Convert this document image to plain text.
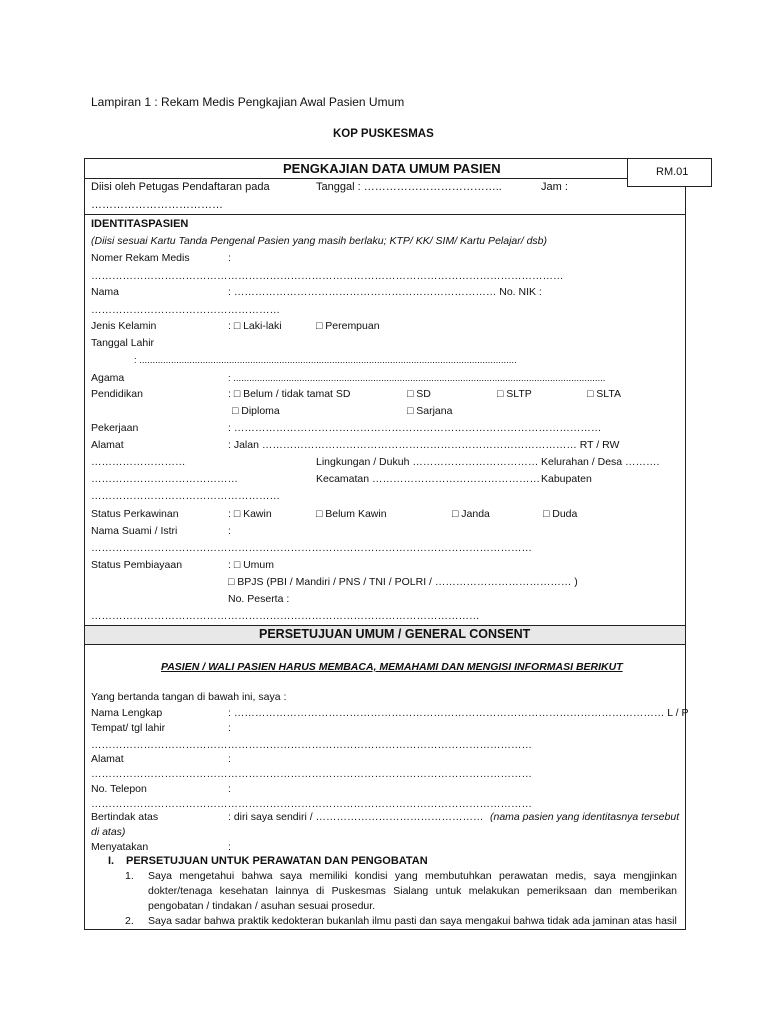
Lampiran 1 : Rekam Medis Pengkajian Awal Pasien Umum
KOP PUSKESMAS
RM.01
PENGKAJIAN DATA UMUM PASIEN
Diisi oleh Petugas Pendaftaran pada	Tanggal : ………………………………..	Jam :
………………………………
IDENTITASPASIEN
(Diisi sesuai Kartu Tanda Pengenal Pasien yang masih berlaku; KTP/ KK/ SIM/ Kartu Pelajar/ dsb)
Nomer Rekam Medis	:
………………………………………………………………………………………………………………………
Nama	: ………………………………………………………………… No. NIK :
………………………………………………
Jenis Kelamin	: □ Laki-laki	□ Perempuan
Tanggal Lahir
: ...............................................................................................................................................
Agama	: .............................................................................................................................................
Pendidikan	: □ Belum / tidak tamat SD	□ SD	□ SLTP	□ SLTA
□ Diploma	□ Sarjana
Pekerjaan	: ……………………………………………………………………………………………
Alamat	: Jalan ……………………………………………………………………………… RT / RW
………………………	Lingkungan / Dukuh ……………………………… Kelurahan / Desa ……….
……………………………………	Kecamatan ………………………………………… Kabupaten
………………………………………………
Status Perkawinan	: □ Kawin	□ Belum Kawin	□ Janda	□ Duda
Nama Suami / Istri	:
………………………………………………………………………………………………………………
Status Pembiayaan	: □ Umum
□ BPJS (PBI / Mandiri / PNS / TNI / POLRI / ………………………………… )
No. Peserta :
…………………………………………………………………………………………………
PERSETUJUAN UMUM / GENERAL CONSENT
PASIEN / WALI PASIEN HARUS MEMBACA, MEMAHAMI DAN MENGISI INFORMASI BERIKUT
Yang bertanda tangan di bawah ini, saya :
Nama Lengkap	: …………………………………………………………………………………………………………… L / P
Tempat/ tgl lahir	:
………………………………………………………………………………………………………………
Alamat	:
………………………………………………………………………………………………………………
No. Telepon	:
………………………………………………………………………………………………………………
Bertindak atas	: diri saya sendiri / ………………………………………… (nama pasien yang identitasnya tersebut
di atas)
Menyatakan	:
I. PERSETUJUAN UNTUK PERAWATAN DAN PENGOBATAN
1. Saya mengetahui bahwa saya memiliki kondisi yang membutuhkan perawatan medis, saya mengjinkan dokter/tenaga kesehatan lainnya di Puskesmas Sialang untuk melakukan pemeriksaan dan memberikan pengobatan / tindakan / asuhan sesuai prosedur.
2. Saya sadar bahwa praktik kedokteran bukanlah ilmu pasti dan saya mengakui bahwa tidak ada jaminan atas hasil
